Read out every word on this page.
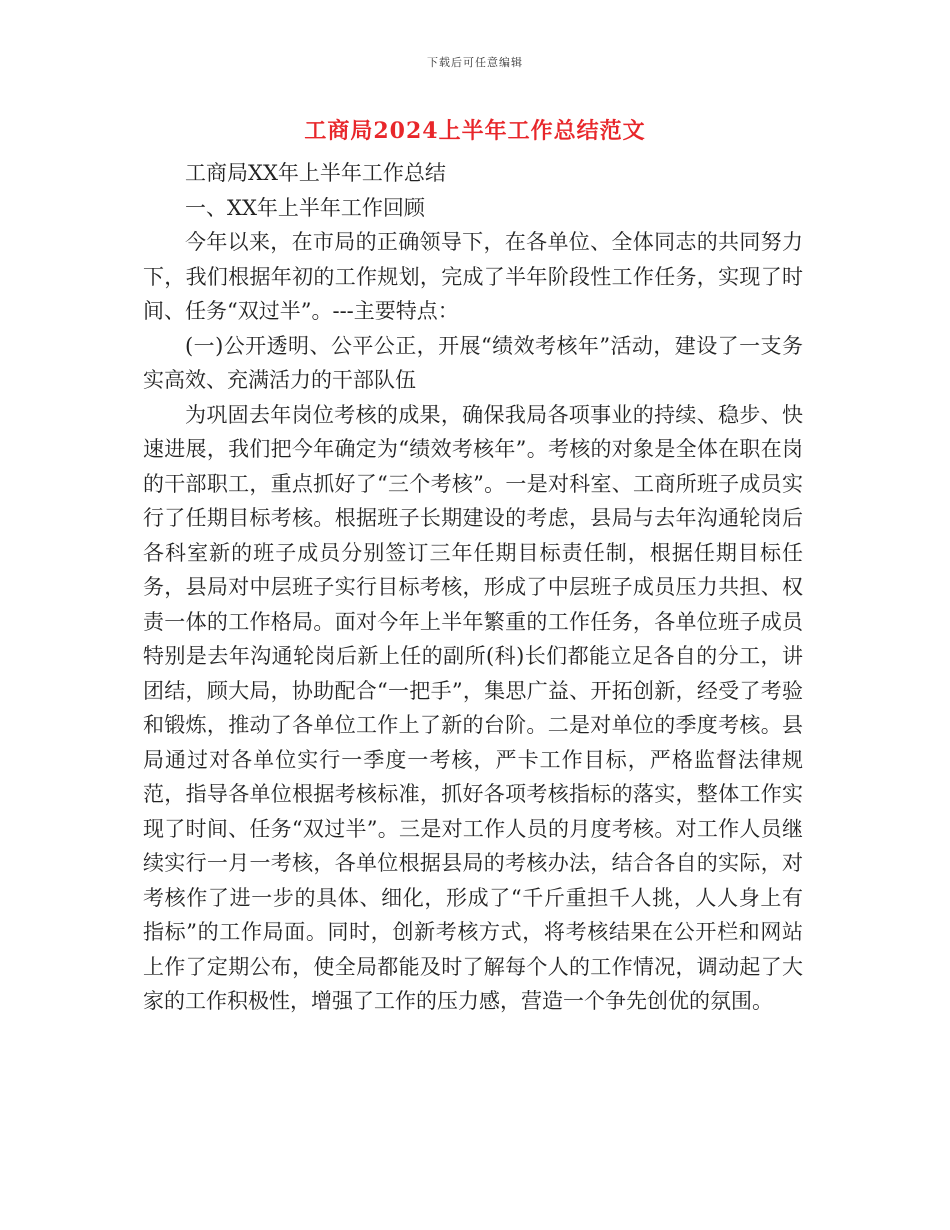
下载后可任意编辑
工商局2024上半年工作总结范文

工商局XX年上半年工作总结

一、XX年上半年工作回顾

今年以来，在市局的正确领导下，在各单位、全体同志的共同努力下，我们根据年初的工作规划，完成了半年阶段性工作任务，实现了时间、任务“双过半”。---主要特点：

(一)公开透明、公平公正，开展“绩效考核年”活动，建设了一支务实高效、充满活力的干部队伍

为巩固去年岗位考核的成果，确保我局各项事业的持续、稳步、快速进展，我们把今年确定为“绩效考核年”。考核的对象是全体在职在岗的干部职工，重点抓好了“三个考核”。一是对科室、工商所班子成员实行了任期目标考核。根据班子长期建设的考虑，县局与去年沟通轮岗后各科室新的班子成员分别签订三年任期目标责任制，根据任期目标任务，县局对中层班子实行目标考核，形成了中层班子成员压力共担、权责一体的工作格局。面对今年上半年繁重的工作任务，各单位班子成员特别是去年沟通轮岗后新上任的副所(科)长们都能立足各自的分工，讲团结，顾大局，协助配合“一把手”，集思广益、开拓创新，经受了考验和锻炼，推动了各单位工作上了新的台阶。二是对单位的季度考核。县局通过对各单位实行一季度一考核，严卡工作目标，严格监督法律规范，指导各单位根据考核标准，抓好各项考核指标的落实，整体工作实现了时间、任务“双过半”。三是对工作人员的月度考核。对工作人员继续实行一月一考核，各单位根据县局的考核办法，结合各自的实际，对考核作了进一步的具体、细化，形成了“千斤重担千人挑，人人身上有指标”的工作局面。同时，创新考核方式，将考核结果在公开栏和网站上作了定期公布，使全局都能及时了解每个人的工作情况，调动起了大家的工作积极性，增强了工作的压力感，营造一个争先创优的氛围。
